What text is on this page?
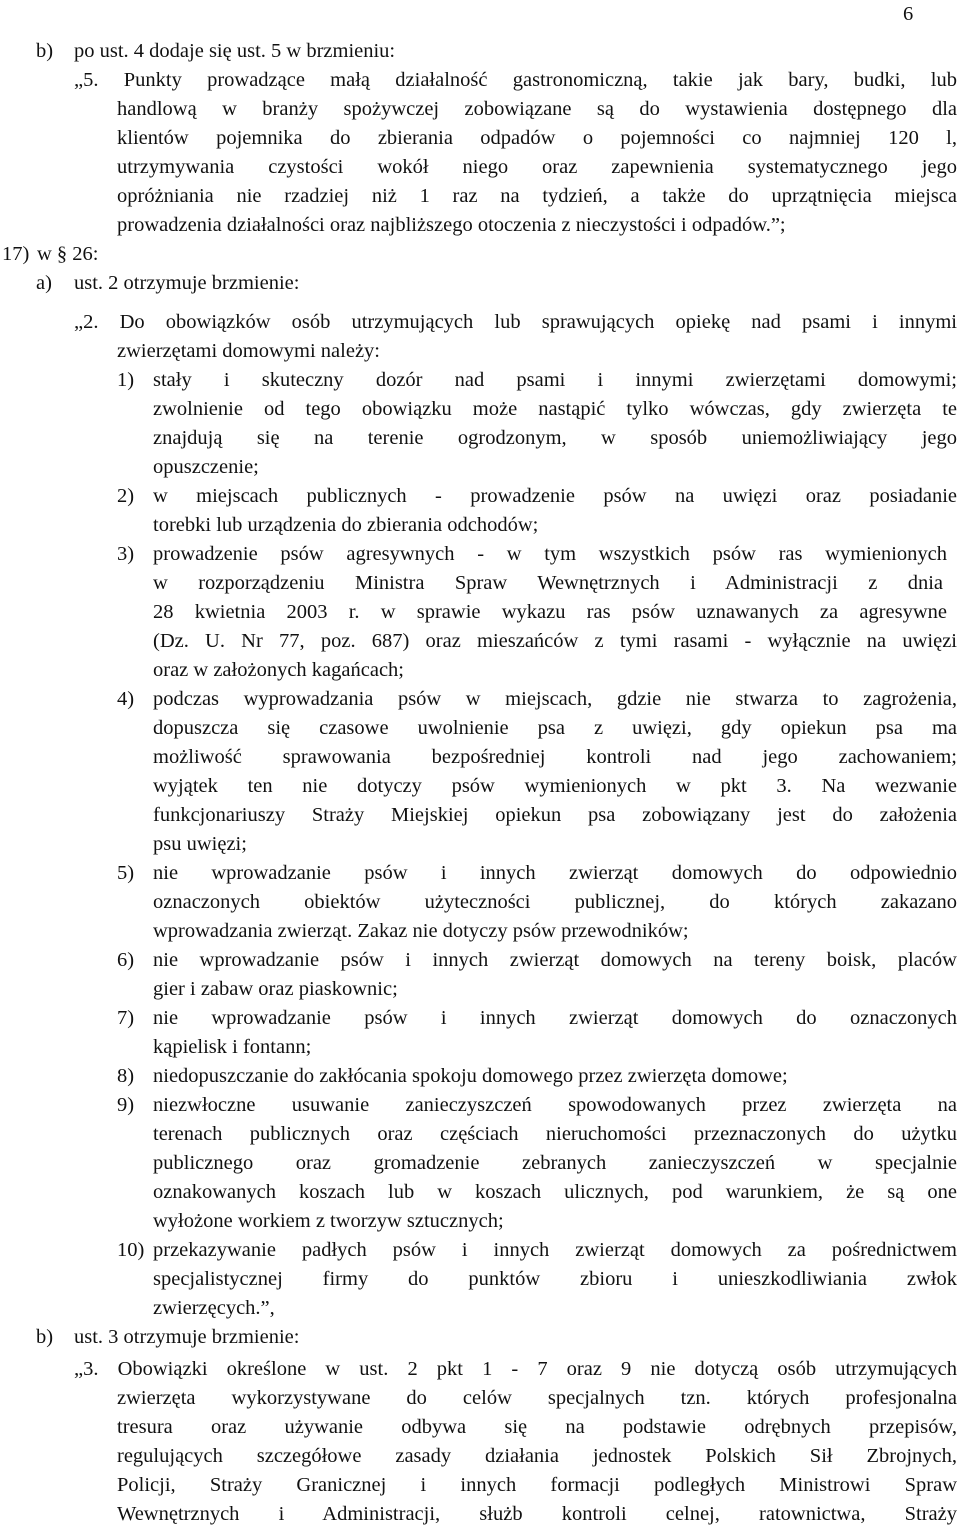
6
b) po ust. 4 dodaje się ust. 5 w brzmieniu:
„5. Punkty prowadzące małą działalność gastronomiczną, takie jak bary, budki, lub
handlową w branży spożywczej zobowiązane są do wystawienia dostępnego dla
klientów pojemnika do zbierania odpadów o pojemności co najmniej 120 l,
utrzymywania czystości wokół niego oraz zapewnienia systematycznego jego
opróżniania nie rzadziej niż 1 raz na tydzień, a także do uprzątnięcia miejsca
prowadzenia działalności oraz najbliższego otoczenia z nieczystości i odpadów.”;
17) w § 26:
a) ust. 2 otrzymuje brzmienie:
„2. Do obowiązków osób utrzymujących lub sprawujących opiekę nad psami i innymi
zwierzętami domowymi należy:
1) stały i skuteczny dozór nad psami i innymi zwierzętami domowymi;
zwolnienie od tego obowiązku może nastąpić tylko wówczas, gdy zwierzęta te
znajdują się na terenie ogrodzonym, w sposób uniemożliwiający jego
opuszczenie;
2) w miejscach publicznych - prowadzenie psów na uwięzi oraz posiadanie
torebki lub urządzenia do zbierania odchodów;
3) prowadzenie psów agresywnych - w tym wszystkich psów ras wymienionych
w rozporządzeniu Ministra Spraw Wewnętrznych i Administracji z dnia
28 kwietnia 2003 r. w sprawie wykazu ras psów uznawanych za agresywne
(Dz. U. Nr 77, poz. 687) oraz mieszańców z tymi rasami - wyłącznie na uwięzi
oraz w założonych kagańcach;
4) podczas wyprowadzania psów w miejscach, gdzie nie stwarza to zagrożenia,
dopuszcza się czasowe uwolnienie psa z uwięzi, gdy opiekun psa ma
możliwość sprawowania bezpośredniej kontroli nad jego zachowaniem;
wyjątek ten nie dotyczy psów wymienionych w pkt 3. Na wezwanie
funkcjonariuszy Straży Miejskiej opiekun psa zobowiązany jest do założenia
psu uwięzi;
5) nie wprowadzanie psów i innych zwierząt domowych do odpowiednio
oznaczonych obiektów użyteczności publicznej, do których zakazano
wprowadzania zwierząt. Zakaz nie dotyczy psów przewodników;
6) nie wprowadzanie psów i innych zwierząt domowych na tereny boisk, placów
gier i zabaw oraz piaskownic;
7) nie wprowadzanie psów i innych zwierząt domowych do oznaczonych
kąpielisk i fontann;
8) niedopuszczanie do zakłócania spokoju domowego przez zwierzęta domowe;
9) niezwłoczne usuwanie zanieczyszczeń spowodowanych przez zwierzęta na
terenach publicznych oraz częściach nieruchomości przeznaczonych do użytku
publicznego oraz gromadzenie zebranych zanieczyszczeń w specjalnie
oznakowanych koszach lub w koszach ulicznych, pod warunkiem, że są one
wyłożone workiem z tworzyw sztucznych;
10) przekazywanie padłych psów i innych zwierząt domowych za pośrednictwem
specjalistycznej firmy do punktów zbioru i unieszkodliwiania zwłok
zwierzęcych.”,
b) ust. 3 otrzymuje brzmienie:
„3. Obowiązki określone w ust. 2 pkt 1 - 7 oraz 9 nie dotyczą osób utrzymujących
zwierzęta wykorzystywane do celów specjalnych tzn. których profesjonalna
tresura oraz używanie odbywa się na podstawie odrębnych przepisów,
regulujących szczegółowe zasady działania jednostek Polskich Sił Zbrojnych,
Policji, Straży Granicznej i innych formacji podległych Ministrowi Spraw
Wewnętrznych i Administracji, służb kontroli celnej, ratownictwa, Straży
